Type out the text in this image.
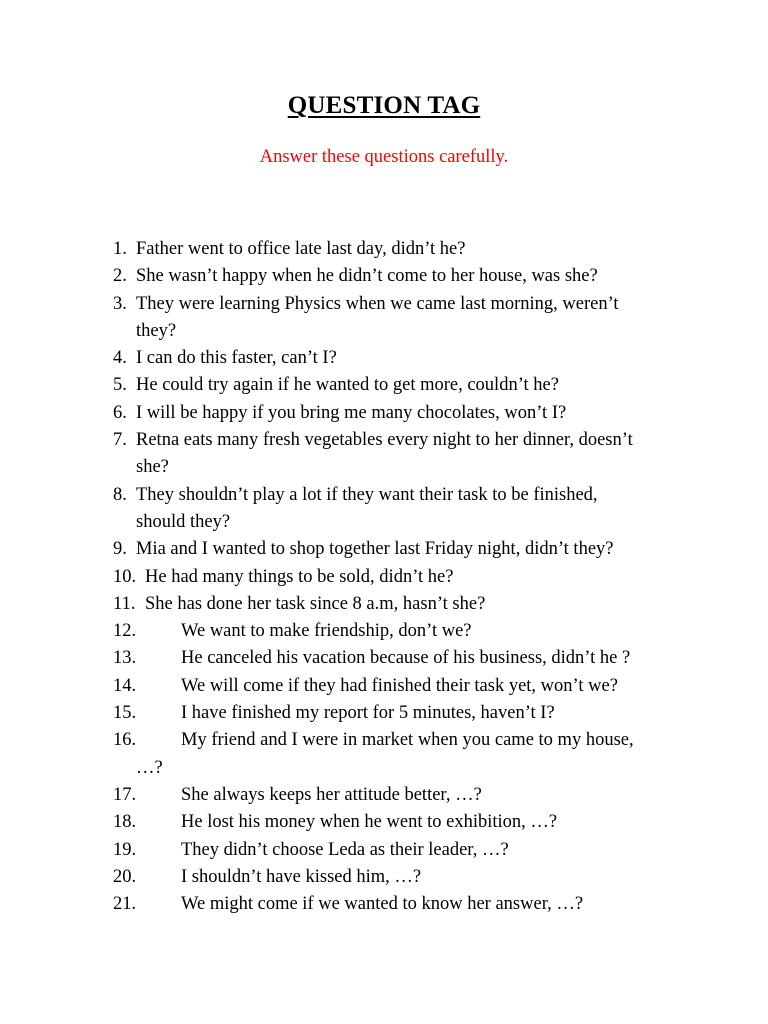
QUESTION TAG
Answer these questions carefully.
1. Father went to office late last day, didn’t he?
2. She wasn’t happy when he didn’t come to her house, was she?
3. They were learning Physics when we came last morning, weren’t
they?
4. I can do this faster, can’t I?
5. He could try again if he wanted to get more, couldn’t he?
6. I will be happy if you bring me many chocolates, won’t I?
7. Retna eats many fresh vegetables every night to her dinner, doesn’t
she?
8. They shouldn’t play a lot if they want their task to be finished,
should they?
9. Mia and I wanted to shop together last Friday night, didn’t they?
10. He had many things to be sold, didn’t he?
11. She has done her task since 8 a.m, hasn’t she?
12. We want to make friendship, don’t we?
13. He canceled his vacation because of his business, didn’t he ?
14. We will come if they had finished their task yet, won’t we?
15. I have finished my report for 5 minutes, haven’t I?
16. My friend and I were in market when you came to my house,
…?
17. She always keeps her attitude better, …?
18. He lost his money when he went to exhibition, …?
19. They didn’t choose Leda as their leader, …?
20. I shouldn’t have kissed him, …?
21. We might come if we wanted to know her answer, …?
